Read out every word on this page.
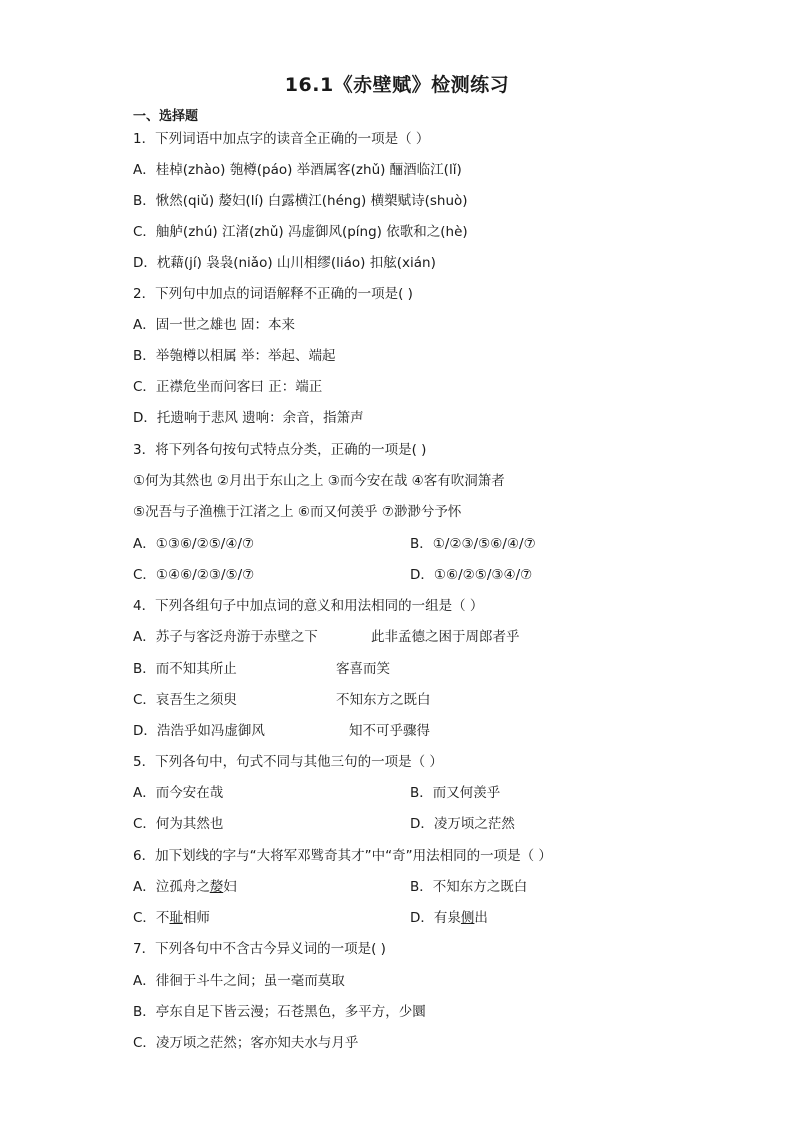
16.1《赤壁赋》检测练习
一、选择题
1．下列词语中加点字的读音全正确的一项是（ ）
A．桂棹(zhào) 匏樽(páo) 举酒属客(zhǔ) 酾酒临江(lǐ)
B．愀然(qiǔ) 嫠妇(lí) 白露横江(héng) 横槊赋诗(shuò)
C．舳舻(zhú) 江渚(zhǔ) 冯虚御风(píng) 依歌和之(hè)
D．枕藉(jí) 袅袅(niǎo) 山川相缪(liáo) 扣舷(xián)
2．下列句中加点的词语解释不正确的一项是( )
A．固一世之雄也 固：本来
B．举匏樽以相属 举：举起、端起
C．正襟危坐而问客曰 正：端正
D．托遗响于悲风 遗响：余音，指箫声
3．将下列各句按句式特点分类，正确的一项是( )
①何为其然也 ②月出于东山之上 ③而今安在哉 ④客有吹洞箫者
⑤况吾与子渔樵于江渚之上 ⑥而又何羡乎 ⑦渺渺兮予怀
A．①③⑥/②⑤/④/⑦	B．①/②③/⑤⑥/④/⑦
C．①④⑥/②③/⑤/⑦	D．①⑥/②⑤/③④/⑦
4．下列各组句子中加点词的意义和用法相同的一组是（ ）
A．苏子与客泛舟游于赤壁之下	此非孟德之困于周郎者乎
B．而不知其所止	客喜而笑
C．哀吾生之须臾	不知东方之既白
D．浩浩乎如冯虚御风	知不可乎骤得
5．下列各句中，句式不同与其他三句的一项是（ ）
A．而今安在哉	B．而又何羡乎
C．何为其然也	D．凌万顷之茫然
6．加下划线的字与“大将军邓骘奇其才”中“奇”用法相同的一项是（ ）
A．泣孤舟之嫠妇	B．不知东方之既白
C．不耻相师	D．有泉侧出
7．下列各句中不含古今异义词的一项是( )
A．徘徊于斗牛之间；虽一毫而莫取
B．亭东自足下皆云漫；石苍黑色，多平方，少圜
C．凌万顷之茫然；客亦知夫水与月乎
